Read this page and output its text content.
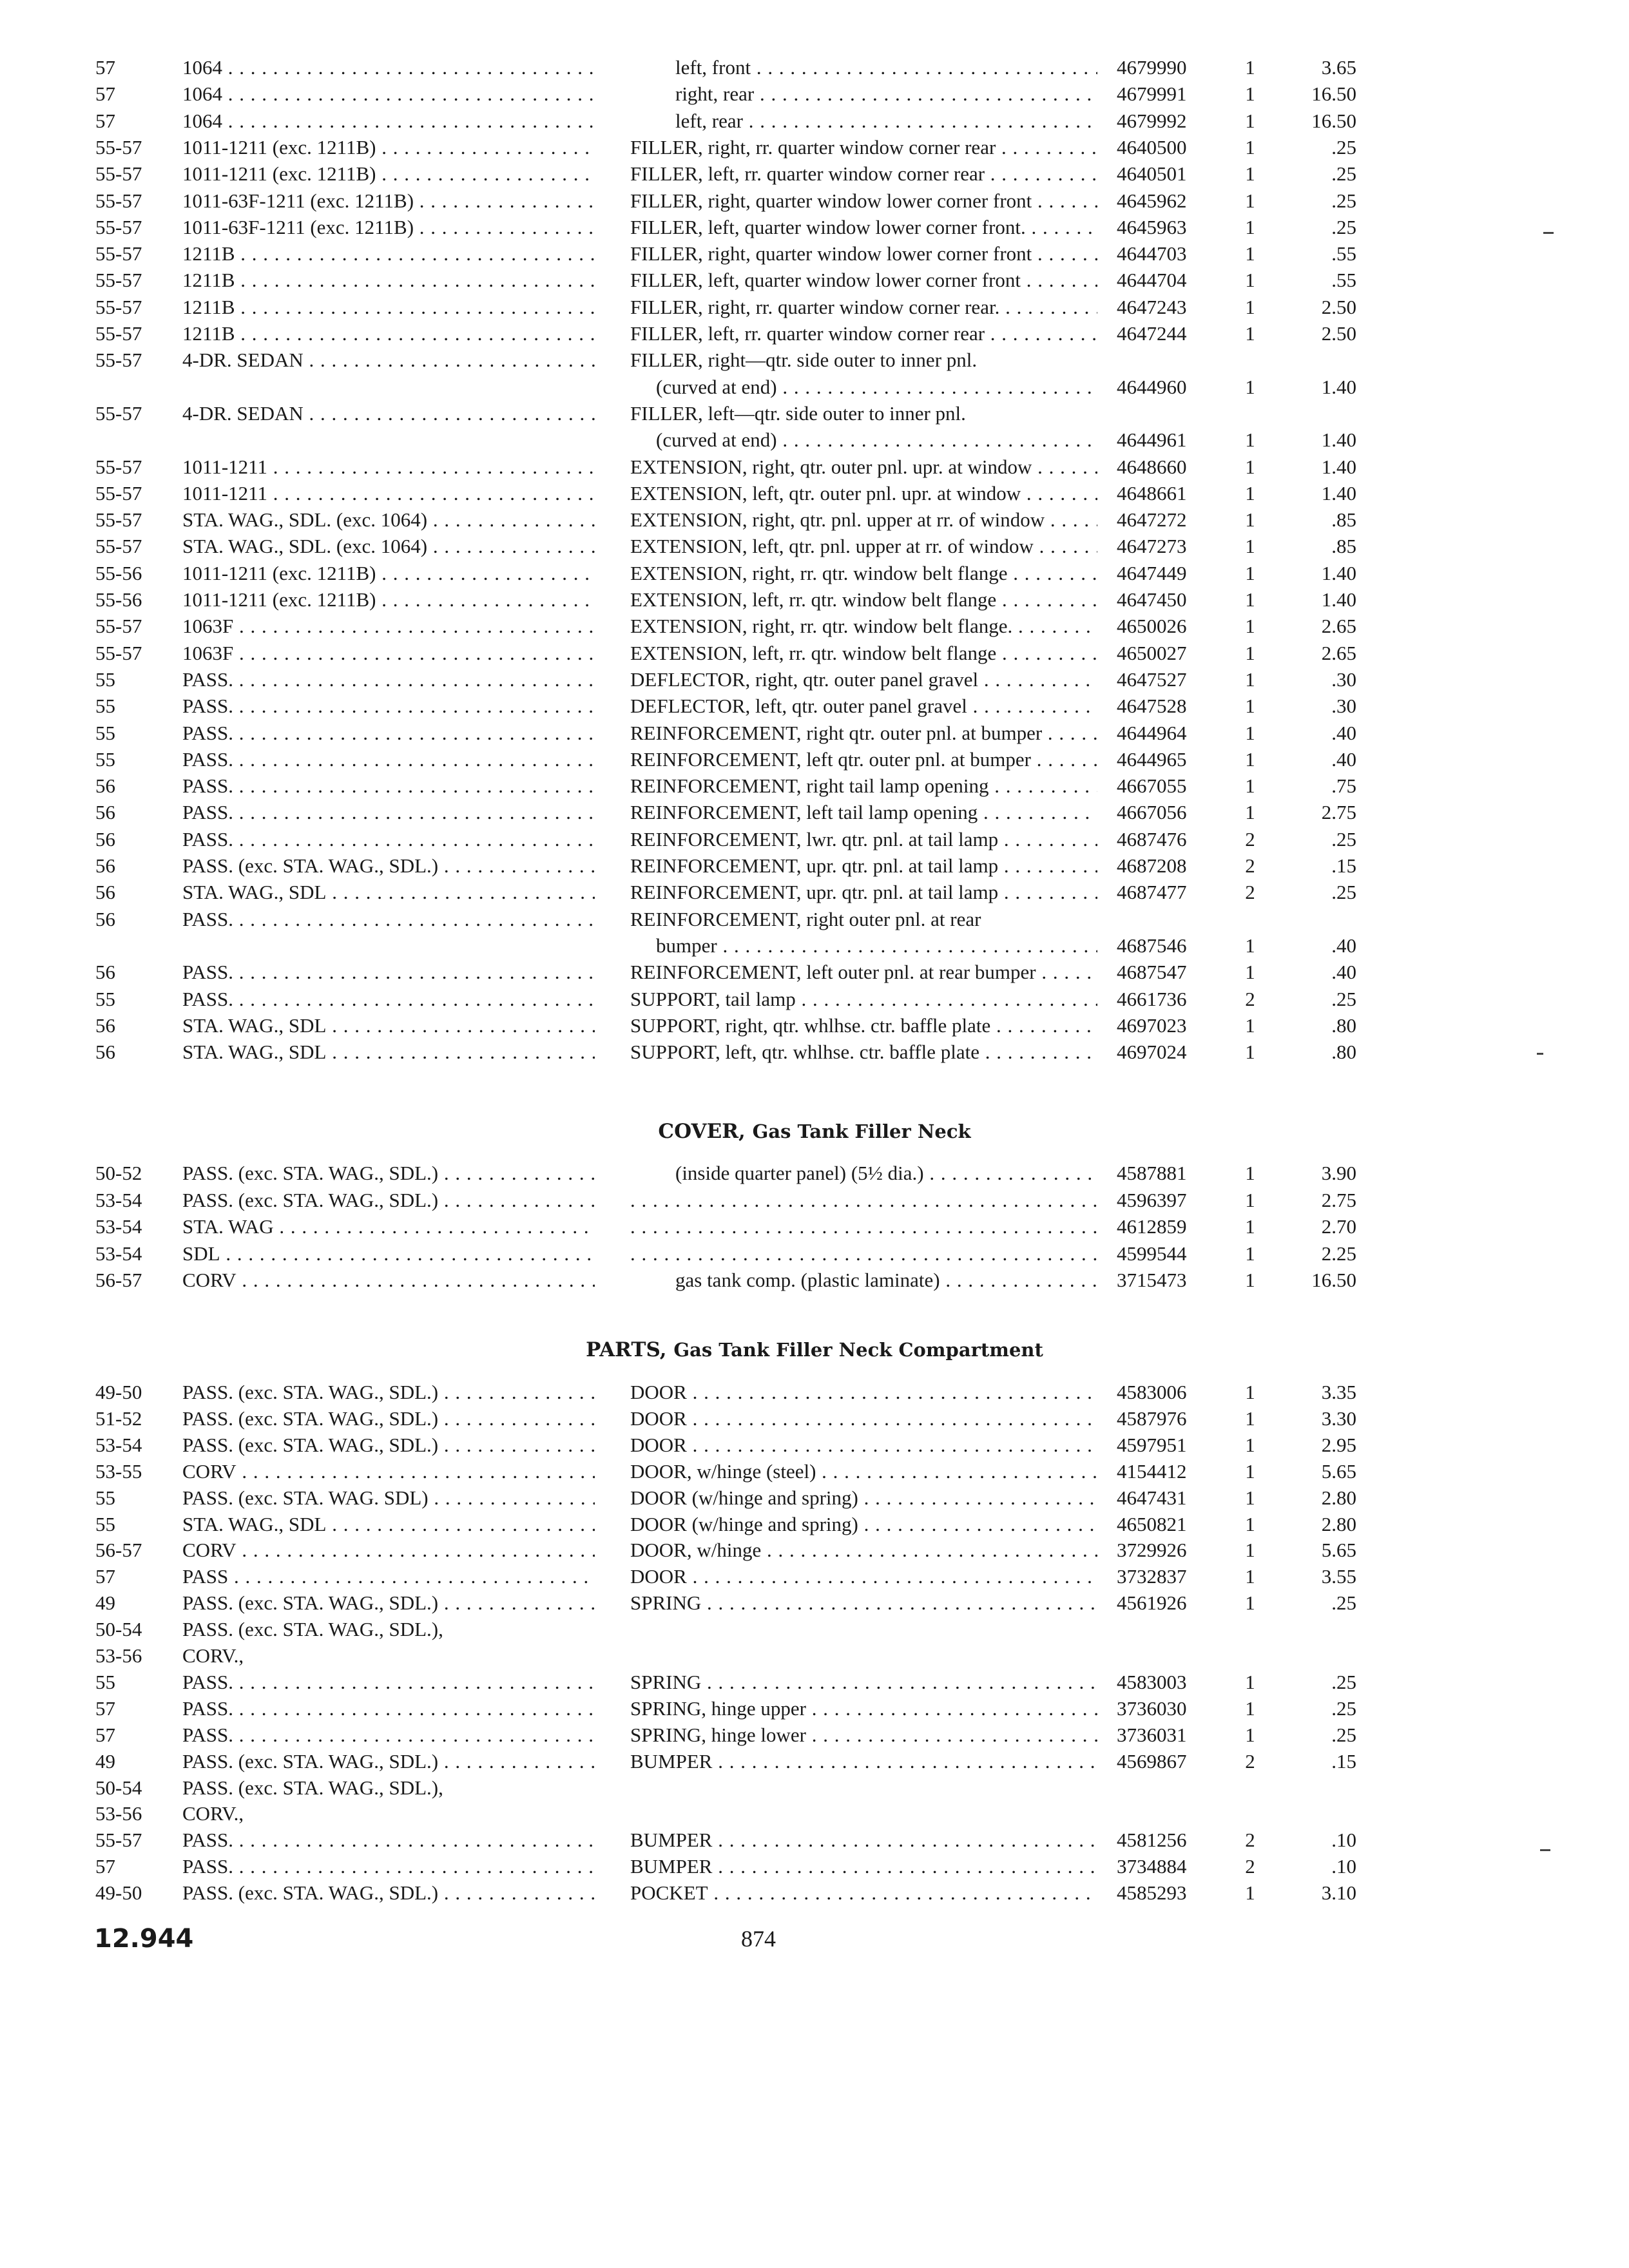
57	1064 . . .	left, front . . .	4679990	1	3.65
57	1064 . . .	right, rear . . .	4679991	1	16.50
57	1064 . . .	left, rear . . .	4679992	1	16.50
55-57	1011-1211 (exc. 1211B) . . .	FILLER, right, rr. quarter window corner rear . . .	4640500	1	.25
55-57	1011-1211 (exc. 1211B) . . .	FILLER, left, rr. quarter window corner rear . . .	4640501	1	.25
55-57	1011-63F-1211 (exc. 1211B) . . .	FILLER, right, quarter window lower corner front . . .	4645962	1	.25
55-57	1011-63F-1211 (exc. 1211B) . . .	FILLER, left, quarter window lower corner front. . . .	4645963	1	.25
55-57	1211B . . .	FILLER, right, quarter window lower corner front . . .	4644703	1	.55
55-57	1211B . . .	FILLER, left, quarter window lower corner front . . .	4644704	1	.55
55-57	1211B . . .	FILLER, right, rr. quarter window corner rear. . . .	4647243	1	2.50
55-57	1211B . . .	FILLER, left, rr. quarter window corner rear . . .	4647244	1	2.50
55-57	4-DR. SEDAN . . .	FILLER, right—qtr. side outer to inner pnl.
(curved at end) . . .	4644960	1	1.40
55-57	4-DR. SEDAN . . .	FILLER, left—qtr. side outer to inner pnl.
(curved at end) . . .	4644961	1	1.40
55-57	1011-1211 . . .	EXTENSION, right, qtr. outer pnl. upr. at window . . .	4648660	1	1.40
55-57	1011-1211 . . .	EXTENSION, left, qtr. outer pnl. upr. at window . . .	4648661	1	1.40
55-57	STA. WAG., SDL. (exc. 1064) . . .	EXTENSION, right, qtr. pnl. upper at rr. of window . . .	4647272	1	.85
55-57	STA. WAG., SDL. (exc. 1064) . . .	EXTENSION, left, qtr. pnl. upper at rr. of window . . .	4647273	1	.85
55-56	1011-1211 (exc. 1211B) . . .	EXTENSION, right, rr. qtr. window belt flange . . .	4647449	1	1.40
55-56	1011-1211 (exc. 1211B) . . .	EXTENSION, left, rr. qtr. window belt flange . . .	4647450	1	1.40
55-57	1063F . . .	EXTENSION, right, rr. qtr. window belt flange. . . .	4650026	1	2.65
55-57	1063F . . .	EXTENSION, left, rr. qtr. window belt flange . . .	4650027	1	2.65
55	PASS. . . .	DEFLECTOR, right, qtr. outer panel gravel . . .	4647527	1	.30
55	PASS. . . .	DEFLECTOR, left, qtr. outer panel gravel . . .	4647528	1	.30
55	PASS. . . .	REINFORCEMENT, right qtr. outer pnl. at bumper . . .	4644964	1	.40
55	PASS. . . .	REINFORCEMENT, left qtr. outer pnl. at bumper . . .	4644965	1	.40
56	PASS. . . .	REINFORCEMENT, right tail lamp opening . . .	4667055	1	.75
56	PASS. . . .	REINFORCEMENT, left tail lamp opening . . .	4667056	1	2.75
56	PASS. . . .	REINFORCEMENT, lwr. qtr. pnl. at tail lamp . . .	4687476	2	.25
56	PASS. (exc. STA. WAG., SDL.) . . .	REINFORCEMENT, upr. qtr. pnl. at tail lamp . . .	4687208	2	.15
56	STA. WAG., SDL . . .	REINFORCEMENT, upr. qtr. pnl. at tail lamp . . .	4687477	2	.25
56	PASS. . . .	REINFORCEMENT, right outer pnl. at rear
bumper . . .	4687546	1	.40
56	PASS. . . .	REINFORCEMENT, left outer pnl. at rear bumper . . .	4687547	1	.40
55	PASS. . . .	SUPPORT, tail lamp . . .	4661736	2	.25
56	STA. WAG., SDL . . .	SUPPORT, right, qtr. whlhse. ctr. baffle plate . . .	4697023	1	.80
56	STA. WAG., SDL . . .	SUPPORT, left, qtr. whlhse. ctr. baffle plate . . .	4697024	1	.80
COVER, Gas Tank Filler Neck
50-52	PASS. (exc. STA. WAG., SDL.) . . .	(inside quarter panel) (5½ dia.) . . .	4587881	1	3.90
53-54	PASS. (exc. STA. WAG., SDL.) . . . . . .	4596397	1	2.75
53-54	STA. WAG . . . . . .	4612859	1	2.70
53-54	SDL . . . . . .	4599544	1	2.25
56-57	CORV . . .	gas tank comp. (plastic laminate) . . .	3715473	1	16.50
PARTS, Gas Tank Filler Neck Compartment
49-50	PASS. (exc. STA. WAG., SDL.) . . .	DOOR . . .	4583006	1	3.35
51-52	PASS. (exc. STA. WAG., SDL.) . . .	DOOR . . .	4587976	1	3.30
53-54	PASS. (exc. STA. WAG., SDL.) . . .	DOOR . . .	4597951	1	2.95
53-55	CORV . . .	DOOR, w/hinge (steel) . . .	4154412	1	5.65
55	PASS. (exc. STA. WAG. SDL) . . .	DOOR (w/hinge and spring) . . .	4647431	1	2.80
55	STA. WAG., SDL . . .	DOOR (w/hinge and spring) . . .	4650821	1	2.80
56-57	CORV . . .	DOOR, w/hinge . . .	3729926	1	5.65
57	PASS . . .	DOOR . . .	3732837	1	3.55
49	PASS. (exc. STA. WAG., SDL.) . . .	SPRING . . .	4561926	1	.25
50-54	PASS. (exc. STA. WAG., SDL.),
53-56	CORV.,
55	PASS. . . .	SPRING . . .	4583003	1	.25
57	PASS. . . .	SPRING, hinge upper . . .	3736030	1	.25
57	PASS. . . .	SPRING, hinge lower . . .	3736031	1	.25
49	PASS. (exc. STA. WAG., SDL.) . . .	BUMPER . . .	4569867	2	.15
50-54	PASS. (exc. STA. WAG., SDL.),
53-56	CORV.,
55-57	PASS. . . .	BUMPER . . .	4581256	2	.10
57	PASS. . . .	BUMPER . . .	3734884	2	.10
49-50	PASS. (exc. STA. WAG., SDL.) . . .	POCKET . . .	4585293	1	3.10
12.944	874
